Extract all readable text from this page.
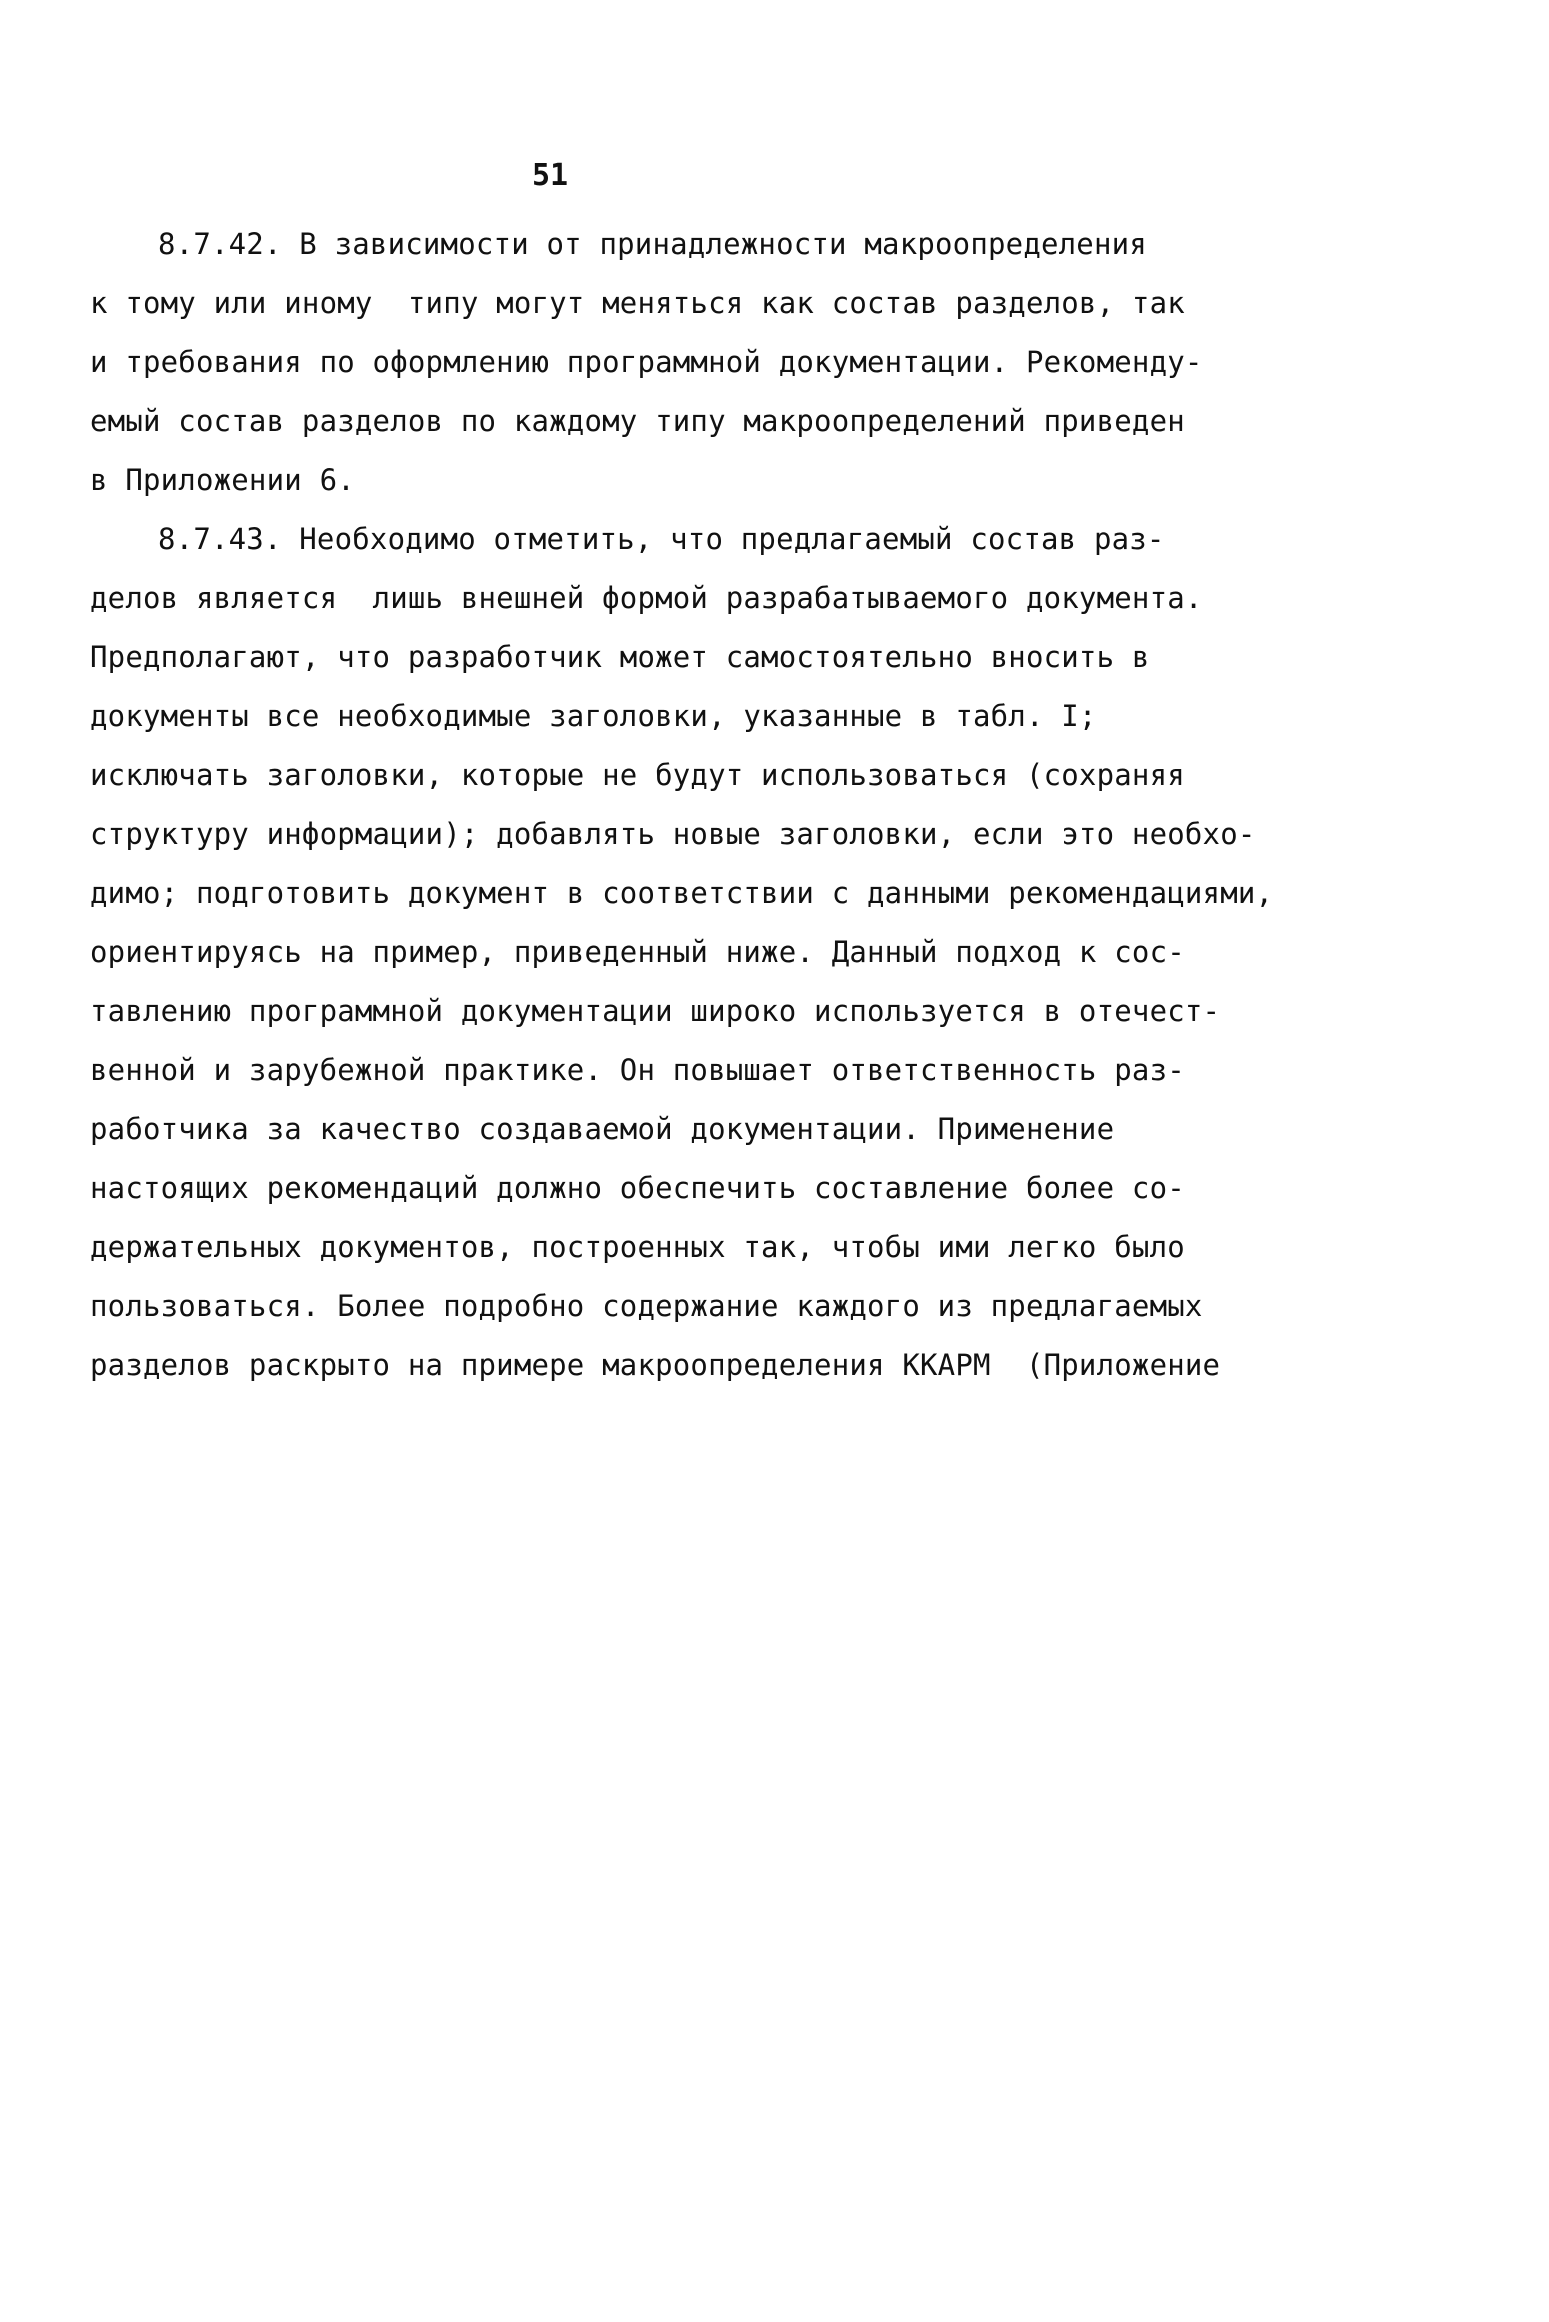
51
8.7.42. В зависимости от принадлежности макроопределения
к тому или иному  типу могут меняться как состав разделов, так
и требования по оформлению программной документации. Рекоменду-
емый состав разделов по каждому типу макроопределений приведен
в Приложении 6.
8.7.43. Необходимо отметить, что предлагаемый состав раз-
делов является  лишь внешней формой разрабатываемого документа.
Предполагают, что разработчик может самостоятельно вносить в
документы все необходимые заголовки, указанные в табл. I;
исключать заголовки, которые не будут использоваться (сохраняя
структуру информации); добавлять новые заголовки, если это необхо-
димо; подготовить документ в соответствии с данными рекомендациями,
ориентируясь на пример, приведенный ниже. Данный подход к сос-
тавлению программной документации широко используется в отечест-
венной и зарубежной практике. Он повышает ответственность раз-
работчика за качество создаваемой документации. Применение
настоящих рекомендаций должно обеспечить составление более со-
держательных документов, построенных так, чтобы ими легко было
пользоваться. Более подробно содержание каждого из предлагаемых
разделов раскрыто на примере макроопределения ККАРМ  (Приложение
